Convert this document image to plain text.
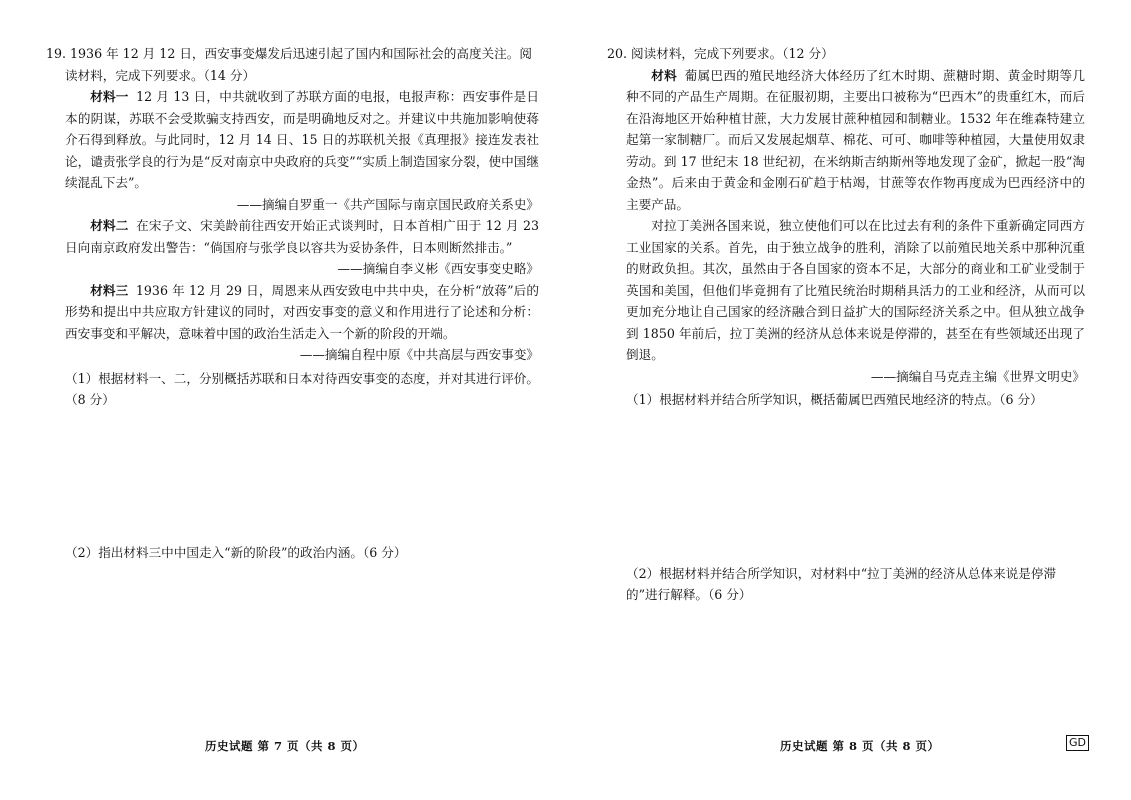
19. 1936 年 12 月 12 日，西安事变爆发后迅速引起了国内和国际社会的高度关注。阅读材料，完成下列要求。（14 分）
材料一 12 月 13 日，中共就收到了苏联方面的电报，电报声称：西安事件是日本的阴谋，苏联不会受欺骗支持西安，而是明确地反对之。并建议中共施加影响使蒋介石得到释放。与此同时，12 月 14 日、15 日的苏联机关报《真理报》接连发表社论，谴责张学良的行为是“反对南京中央政府的兵变”“实质上制造国家分裂，使中国继续混乱下去”。
——摘编自罗重一《共产国际与南京国民政府关系史》
材料二 在宋子文、宋美龄前往西安开始正式谈判时，日本首相广田于 12 月 23 日向南京政府发出警告：“倘国府与张学良以容共为妥协条件，日本则断然排击。”
——摘编自李义彬《西安事变史略》
材料三 1936 年 12 月 29 日，周恩来从西安致电中共中央，在分析“放蒋”后的形势和提出中共应取方针建议的同时，对西安事变的意义和作用进行了论述和分析：西安事变和平解决，意味着中国的政治生活走入一个新的阶段的开端。
——摘编自程中原《中共高层与西安事变》
（1）根据材料一、二，分别概括苏联和日本对待西安事变的态度，并对其进行评价。（8 分）
（2）指出材料三中中国走入“新的阶段”的政治内涵。（6 分）
历史试题 第 7 页（共 8 页）
20. 阅读材料，完成下列要求。（12 分）
材料 葡属巴西的殖民地经济大体经历了红木时期、蔗糖时期、黄金时期等几种不同的产品生产周期。在征服初期，主要出口被称为“巴西木”的贵重红木，而后在沿海地区开始种植甘蔗，大力发展甘蔗种植园和制糖业。1532 年在维森特建立起第一家制糖厂。而后又发展起烟草、棉花、可可、咖啡等种植园，大量使用奴隶劳动。到 17 世纪末 18 世纪初，在米纳斯吉纳斯州等地发现了金矿，掀起一股“淘金热”。后来由于黄金和金刚石矿趋于枯竭，甘蔗等农作物再度成为巴西经济中的主要产品。
对拉丁美洲各国来说，独立使他们可以在比过去有利的条件下重新确定同西方工业国家的关系。首先，由于独立战争的胜利，消除了以前殖民地关系中那种沉重的财政负担。其次，虽然由于各自国家的资本不足，大部分的商业和工矿业受制于英国和美国，但他们毕竟拥有了比殖民统治时期稍具活力的工业和经济，从而可以更加充分地让自己国家的经济融合到日益扩大的国际经济关系之中。但从独立战争到 1850 年前后，拉丁美洲的经济从总体来说是停滞的，甚至在有些领域还出现了倒退。
——摘编自马克垚主编《世界文明史》
（1）根据材料并结合所学知识，概括葡属巴西殖民地经济的特点。（6 分）
（2）根据材料并结合所学知识，对材料中“拉丁美洲的经济从总体来说是停滞的”进行解释。（6 分）
历史试题 第 8 页（共 8 页）	GD
